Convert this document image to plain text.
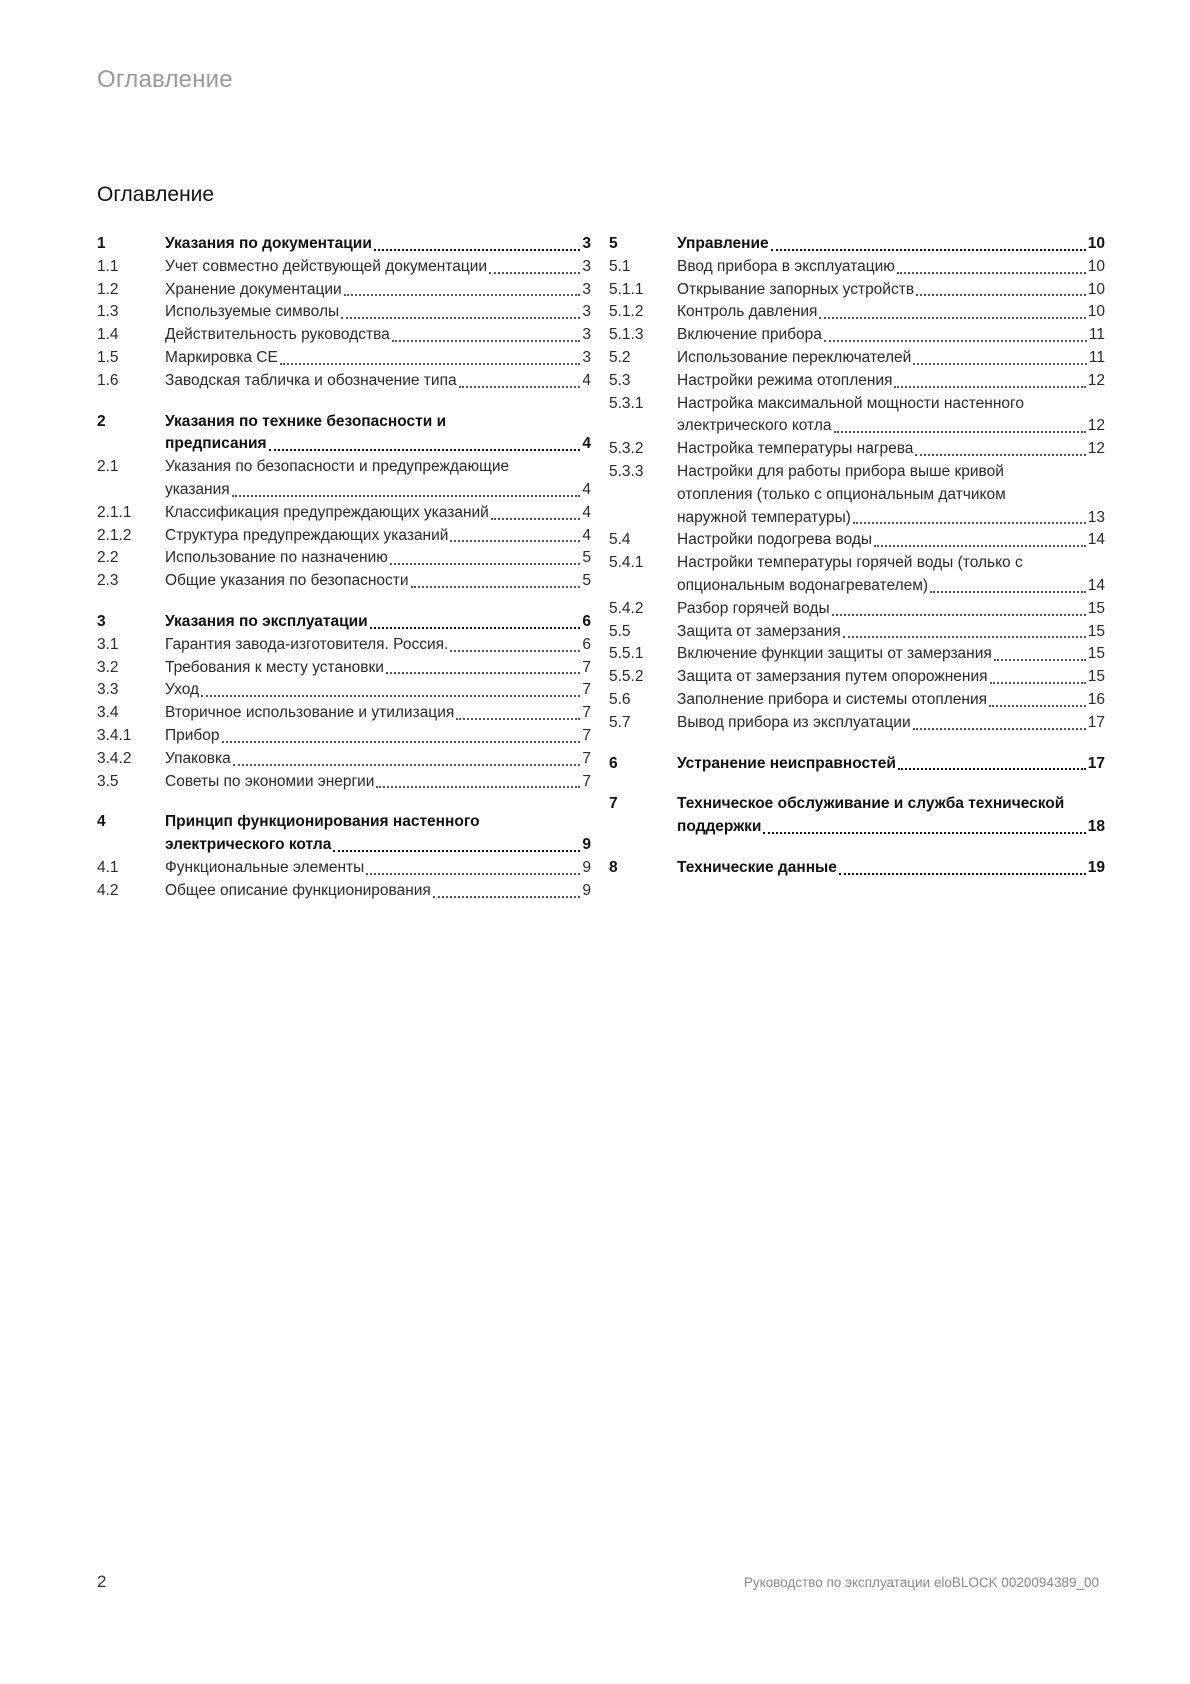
Оглавление
Оглавление
1	Указания по документации	3
1.1	Учет совместно действующей документации	3
1.2	Хранение документации	3
1.3	Используемые символы	3
1.4	Действительность руководства	3
1.5	Маркировка CE	3
1.6	Заводская табличка и обозначение типа	4
2	Указания по технике безопасности и
предписания	4
2.1	Указания по безопасности и предупреждающие
указания	4
2.1.1	Классификация предупреждающих указаний	4
2.1.2	Структура предупреждающих указаний	4
2.2	Использование по назначению	5
2.3	Общие указания по безопасности	5
3	Указания по эксплуатации	6
3.1	Гарантия завода-изготовителя. Россия.	6
3.2	Требования к месту установки	7
3.3	Уход	7
3.4	Вторичное использование и утилизация	7
3.4.1	Прибор	7
3.4.2	Упаковка	7
3.5	Советы по экономии энергии	7
4	Принцип функционирования настенного
электрического котла	9
4.1	Функциональные элементы	9
4.2	Общее описание функционирования	9
5	Управление	10
5.1	Ввод прибора в эксплуатацию	10
5.1.1	Открывание запорных устройств	10
5.1.2	Контроль давления	10
5.1.3	Включение прибора	11
5.2	Использование переключателей	11
5.3	Настройки режима отопления	12
5.3.1	Настройка максимальной мощности настенного
электрического котла	12
5.3.2	Настройка температуры нагрева	12
5.3.3	Настройки для работы прибора выше кривой
отопления (только с опциональным датчиком
наружной температуры)	13
5.4	Настройки подогрева воды	14
5.4.1	Настройки температуры горячей воды (только с
опциональным водонагревателем)	14
5.4.2	Разбор горячей воды	15
5.5	Защита от замерзания	15
5.5.1	Включение функции защиты от замерзания	15
5.5.2	Защита от замерзания путем опорожнения	15
5.6	Заполнение прибора и системы отопления	16
5.7	Вывод прибора из эксплуатации	17
6	Устранение неисправностей	17
7	Техническое обслуживание и служба технической
поддержки	18
8	Технические данные	19
2	Руководство по эксплуатации eloBLOCK 0020094389_00
